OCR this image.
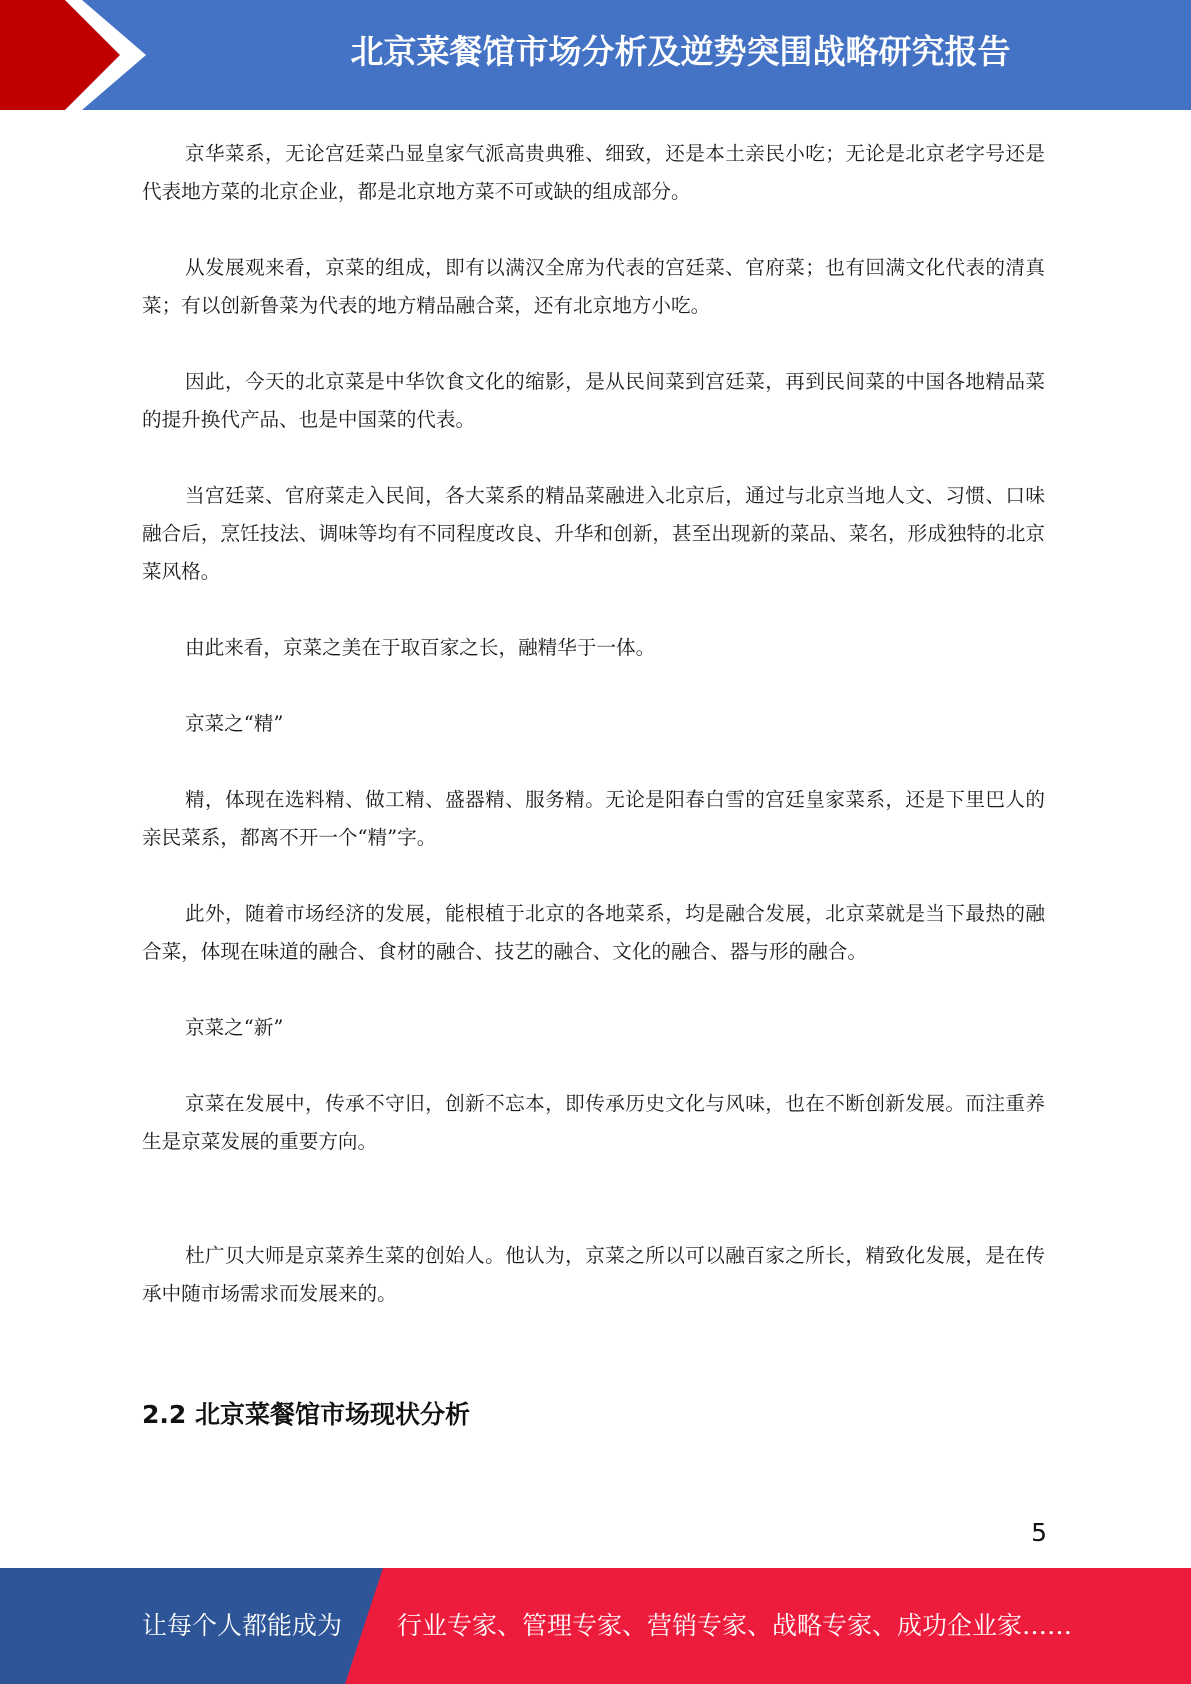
北京菜餐馆市场分析及逆势突围战略研究报告

京华菜系，无论宫廷菜凸显皇家气派高贵典雅、细致，还是本土亲民小吃；无论是北京老字号还是代表地方菜的北京企业，都是北京地方菜不可或缺的组成部分。

从发展观来看，京菜的组成，即有以满汉全席为代表的宫廷菜、官府菜；也有回满文化代表的清真菜；有以创新鲁菜为代表的地方精品融合菜，还有北京地方小吃。

因此，今天的北京菜是中华饮食文化的缩影，是从民间菜到宫廷菜，再到民间菜的中国各地精品菜的提升换代产品、也是中国菜的代表。

当宫廷菜、官府菜走入民间，各大菜系的精品菜融进入北京后，通过与北京当地人文、习惯、口味融合后，烹饪技法、调味等均有不同程度改良、升华和创新，甚至出现新的菜品、菜名，形成独特的北京菜风格。

由此来看，京菜之美在于取百家之长，融精华于一体。

京菜之“精”

精，体现在选料精、做工精、盛器精、服务精。无论是阳春白雪的宫廷皇家菜系，还是下里巴人的亲民菜系，都离不开一个“精”字。

此外，随着市场经济的发展，能根植于北京的各地菜系，均是融合发展，北京菜就是当下最热的融合菜，体现在味道的融合、食材的融合、技艺的融合、文化的融合、器与形的融合。

京菜之“新”

京菜在发展中，传承不守旧，创新不忘本，即传承历史文化与风味，也在不断创新发展。而注重养生是京菜发展的重要方向。

杜广贝大师是京菜养生菜的创始人。他认为，京菜之所以可以融百家之所长，精致化发展，是在传承中随市场需求而发展来的。

2.2 北京菜餐馆市场现状分析
5
让每个人都能成为 行业专家、管理专家、营销专家、战略专家、成功企业家……
